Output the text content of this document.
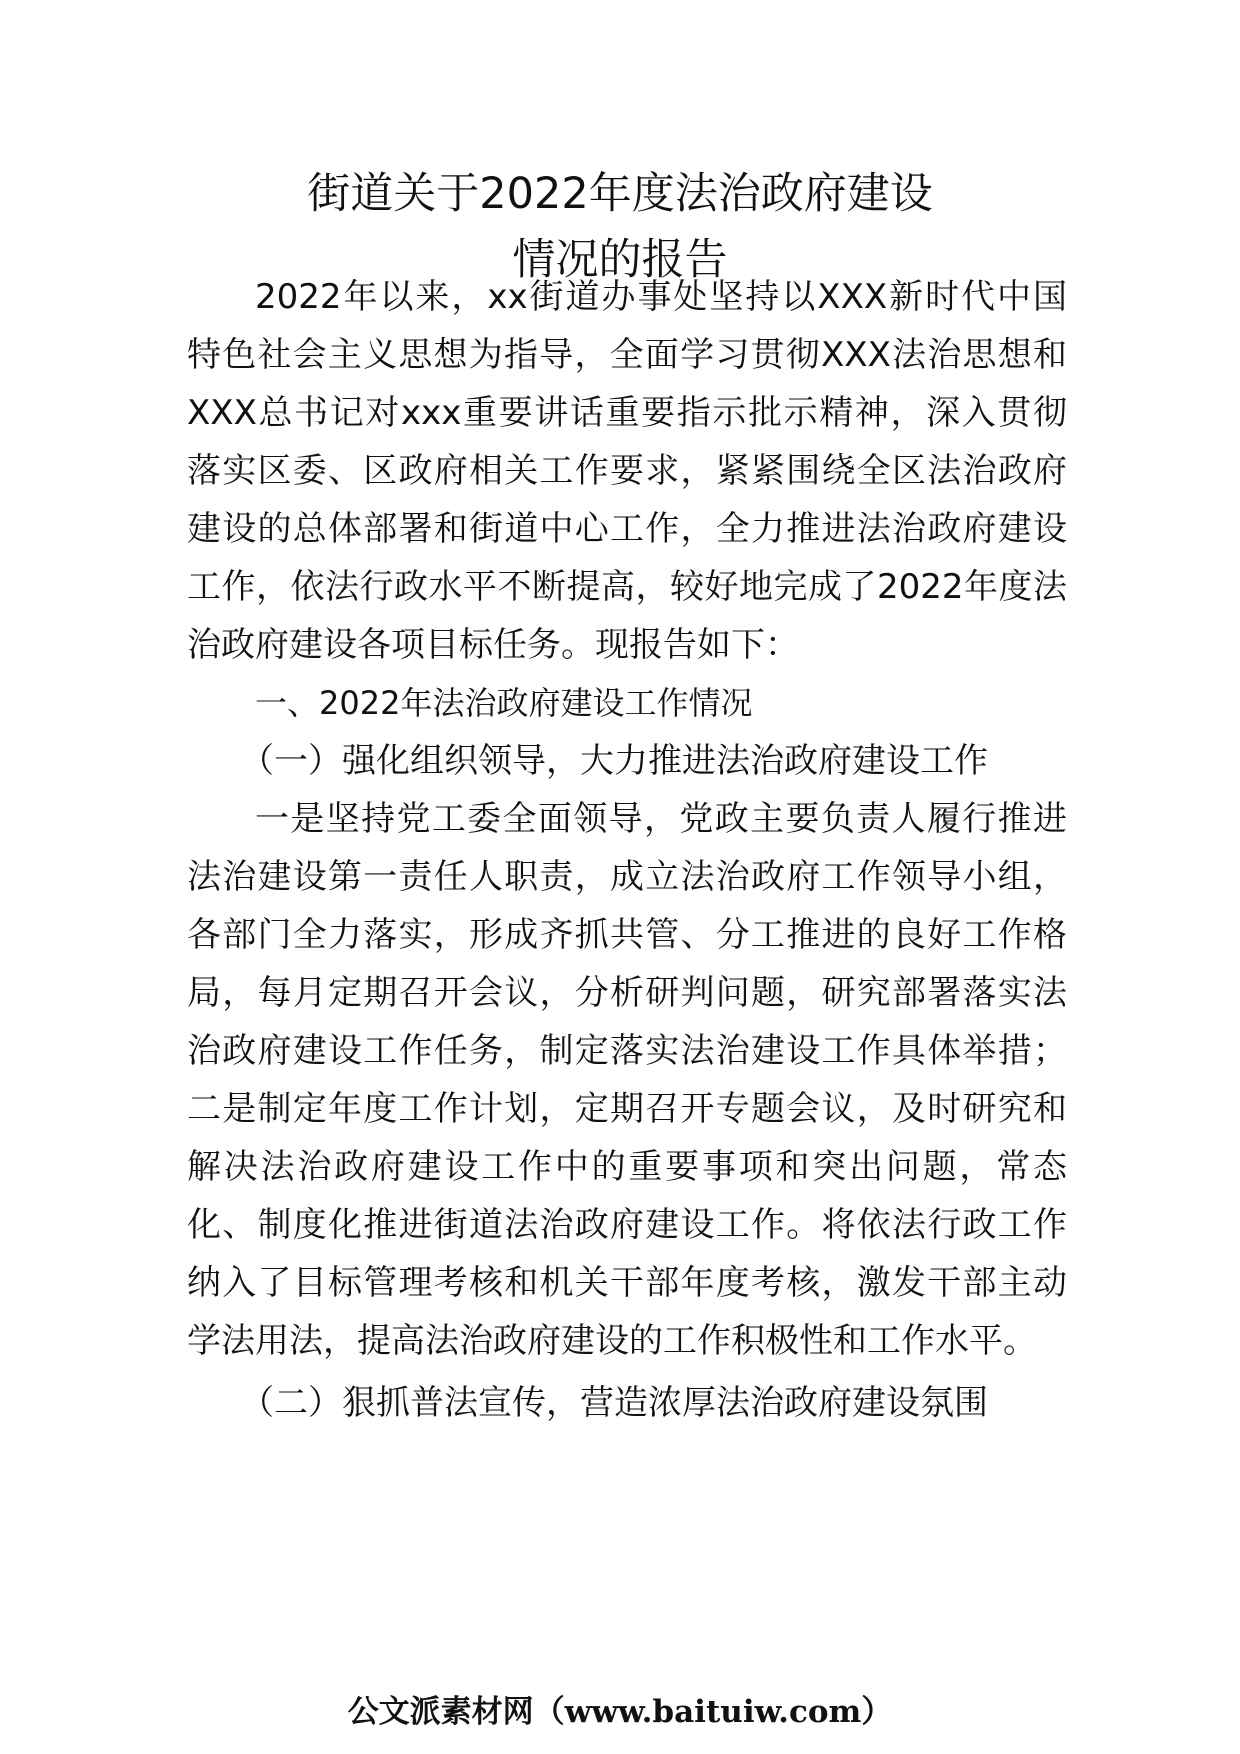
街道关于2022年度法治政府建设
情况的报告
2022年以来，xx街道办事处坚持以XXX新时代中国
特色社会主义思想为指导，全面学习贯彻XXX法治思想和
XXX总书记对xxx重要讲话重要指示批示精神，深入贯彻
落实区委、区政府相关工作要求，紧紧围绕全区法治政府
建设的总体部署和街道中心工作，全力推进法治政府建设
工作，依法行政水平不断提高，较好地完成了2022年度法
治政府建设各项目标任务。现报告如下：
一、2022年法治政府建设工作情况
（一）强化组织领导，大力推进法治政府建设工作
一是坚持党工委全面领导，党政主要负责人履行推进
法治建设第一责任人职责，成立法治政府工作领导小组，
各部门全力落实，形成齐抓共管、分工推进的良好工作格
局，每月定期召开会议，分析研判问题，研究部署落实法
治政府建设工作任务，制定落实法治建设工作具体举措；
二是制定年度工作计划，定期召开专题会议，及时研究和
解决法治政府建设工作中的重要事项和突出问题，常态
化、制度化推进街道法治政府建设工作。将依法行政工作
纳入了目标管理考核和机关干部年度考核，激发干部主动
学法用法，提高法治政府建设的工作积极性和工作水平。
（二）狠抓普法宣传，营造浓厚法治政府建设氛围
公文派素材网（www.baituiw.com）
